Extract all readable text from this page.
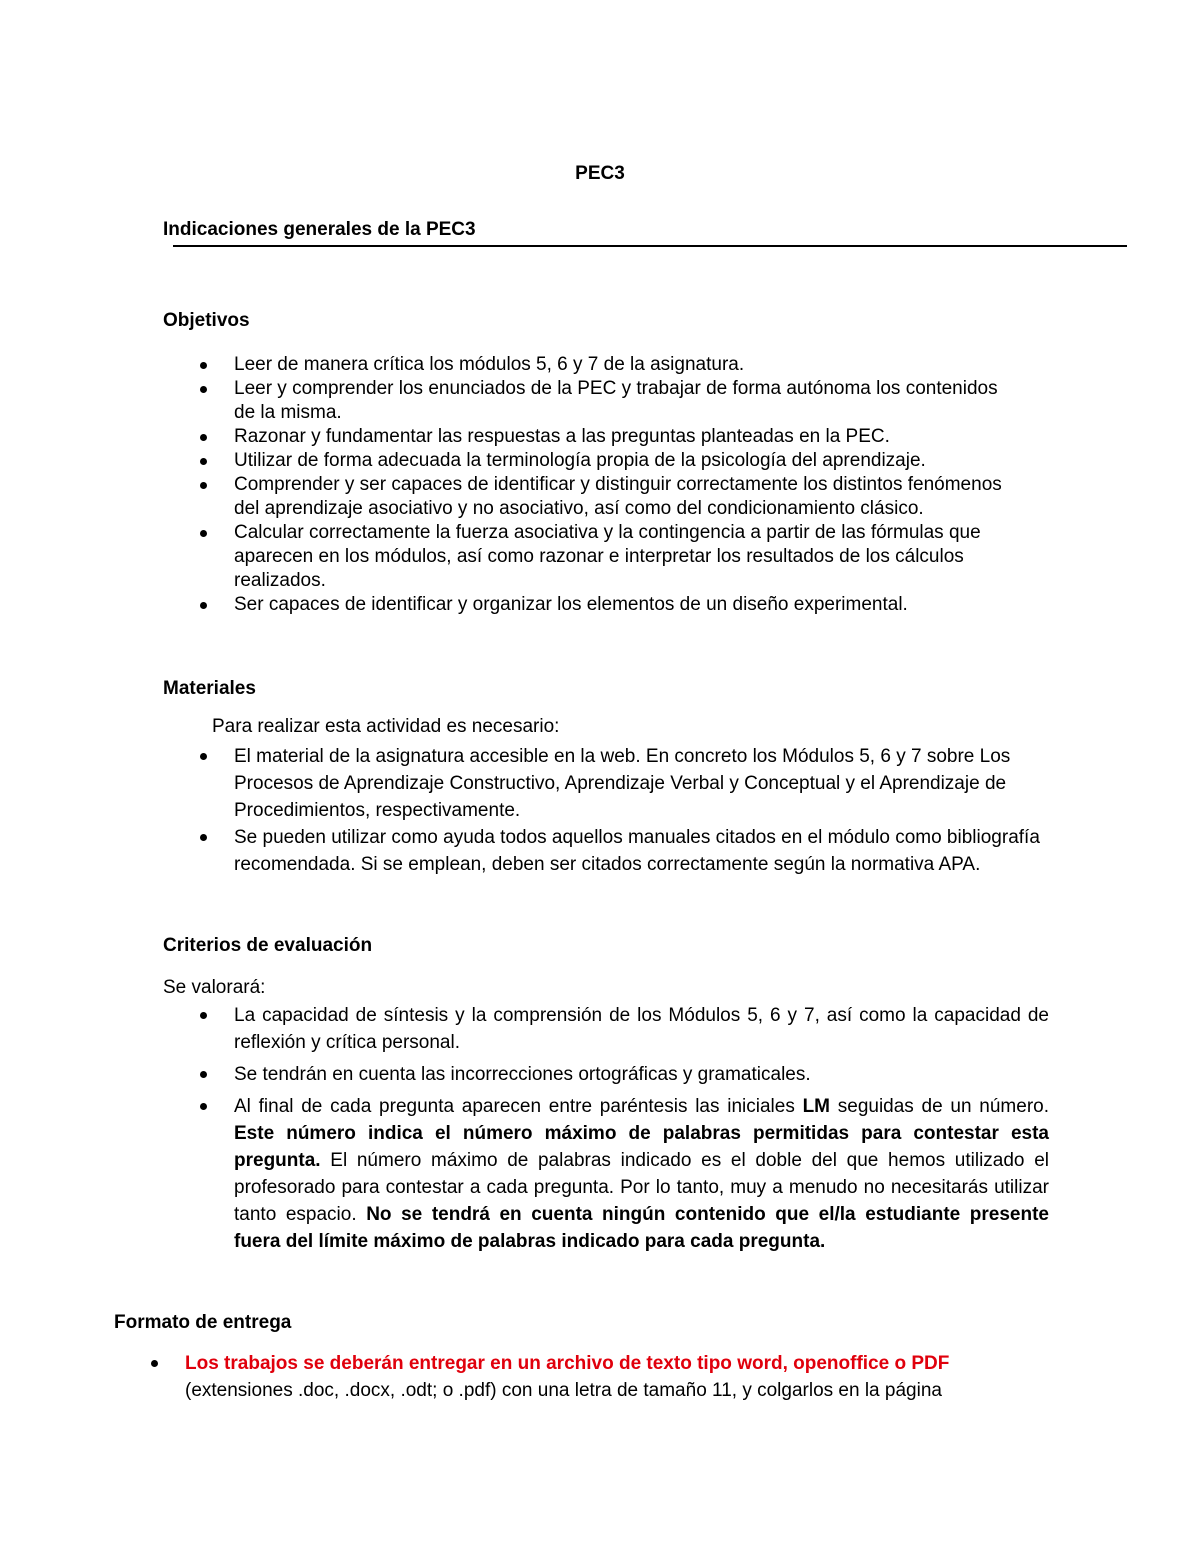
PEC3
Indicaciones generales de la PEC3
Objetivos
Leer de manera crítica los módulos 5, 6 y 7 de la asignatura.
Leer y comprender los enunciados de la PEC y trabajar de forma autónoma los contenidos de la misma.
Razonar y fundamentar las respuestas a las preguntas planteadas en la PEC.
Utilizar de forma adecuada la terminología propia de la psicología del aprendizaje.
Comprender y ser capaces de identificar y distinguir correctamente los distintos fenómenos del aprendizaje asociativo y no asociativo, así como del condicionamiento clásico.
Calcular correctamente la fuerza asociativa y la contingencia a partir de las fórmulas que aparecen en los módulos, así como razonar e interpretar los resultados de los cálculos realizados.
Ser capaces de identificar y organizar los elementos de un diseño experimental.
Materiales
Para realizar esta actividad es necesario:
El material de la asignatura accesible en la web. En concreto los Módulos 5, 6 y 7 sobre Los Procesos de Aprendizaje Constructivo, Aprendizaje Verbal y Conceptual y el Aprendizaje de Procedimientos, respectivamente.
Se pueden utilizar como ayuda todos aquellos manuales citados en el módulo como bibliografía recomendada. Si se emplean, deben ser citados correctamente según la normativa APA.
Criterios de evaluación
Se valorará:
La capacidad de síntesis y la comprensión de los Módulos 5, 6 y 7, así como la capacidad de reflexión y crítica personal.
Se tendrán en cuenta las incorrecciones ortográficas y gramaticales.
Al final de cada pregunta aparecen entre paréntesis las iniciales LM seguidas de un número. Este número indica el número máximo de palabras permitidas para contestar esta pregunta. El número máximo de palabras indicado es el doble del que hemos utilizado el profesorado para contestar a cada pregunta. Por lo tanto, muy a menudo no necesitarás utilizar tanto espacio. No se tendrá en cuenta ningún contenido que el/la estudiante presente fuera del límite máximo de palabras indicado para cada pregunta.
Formato de entrega
Los trabajos se deberán entregar en un archivo de texto tipo word, openoffice o PDF
(extensiones .doc, .docx, .odt; o .pdf) con una letra de tamaño 11, y colgarlos en la página
